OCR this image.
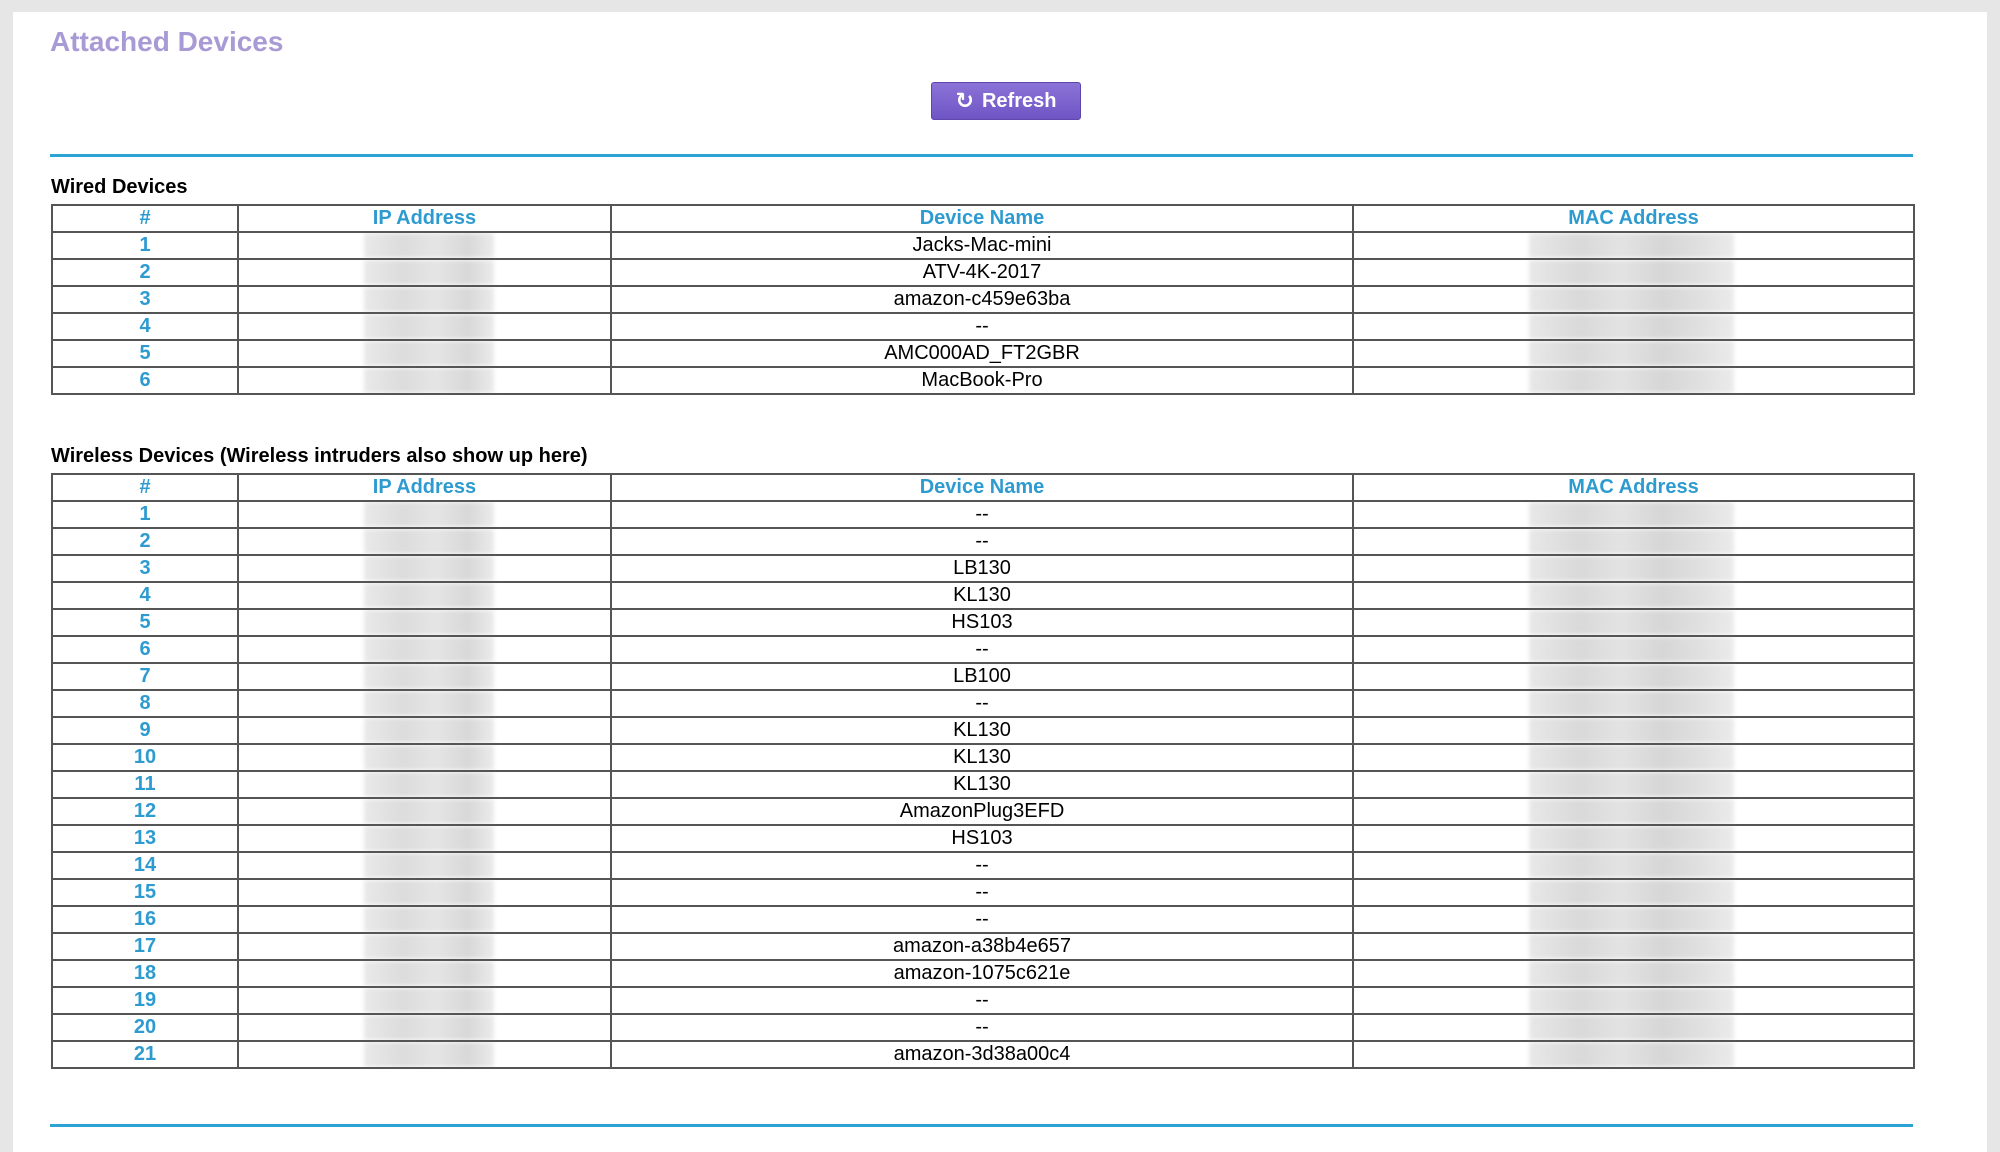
Attached Devices
↻ Refresh
Wired Devices
#	IP Address	Device Name	MAC Address
1		Jacks-Mac-mini	

2		ATV-4K-2017	

3		amazon-c459e63ba	

4		--	

5		AMC000AD_FT2GBR	

6		MacBook-Pro	
Wireless Devices (Wireless intruders also show up here)
#	IP Address	Device Name	MAC Address
1		--	

2		--	

3		LB130	

4		KL130	

5		HS103	

6		--	

7		LB100	

8		--	

9		KL130	

10		KL130	

11		KL130	

12		AmazonPlug3EFD	

13		HS103	

14		--	

15		--	

16		--	

17		amazon-a38b4e657	

18		amazon-1075c621e	

19		--	

20		--	

21		amazon-3d38a00c4	
